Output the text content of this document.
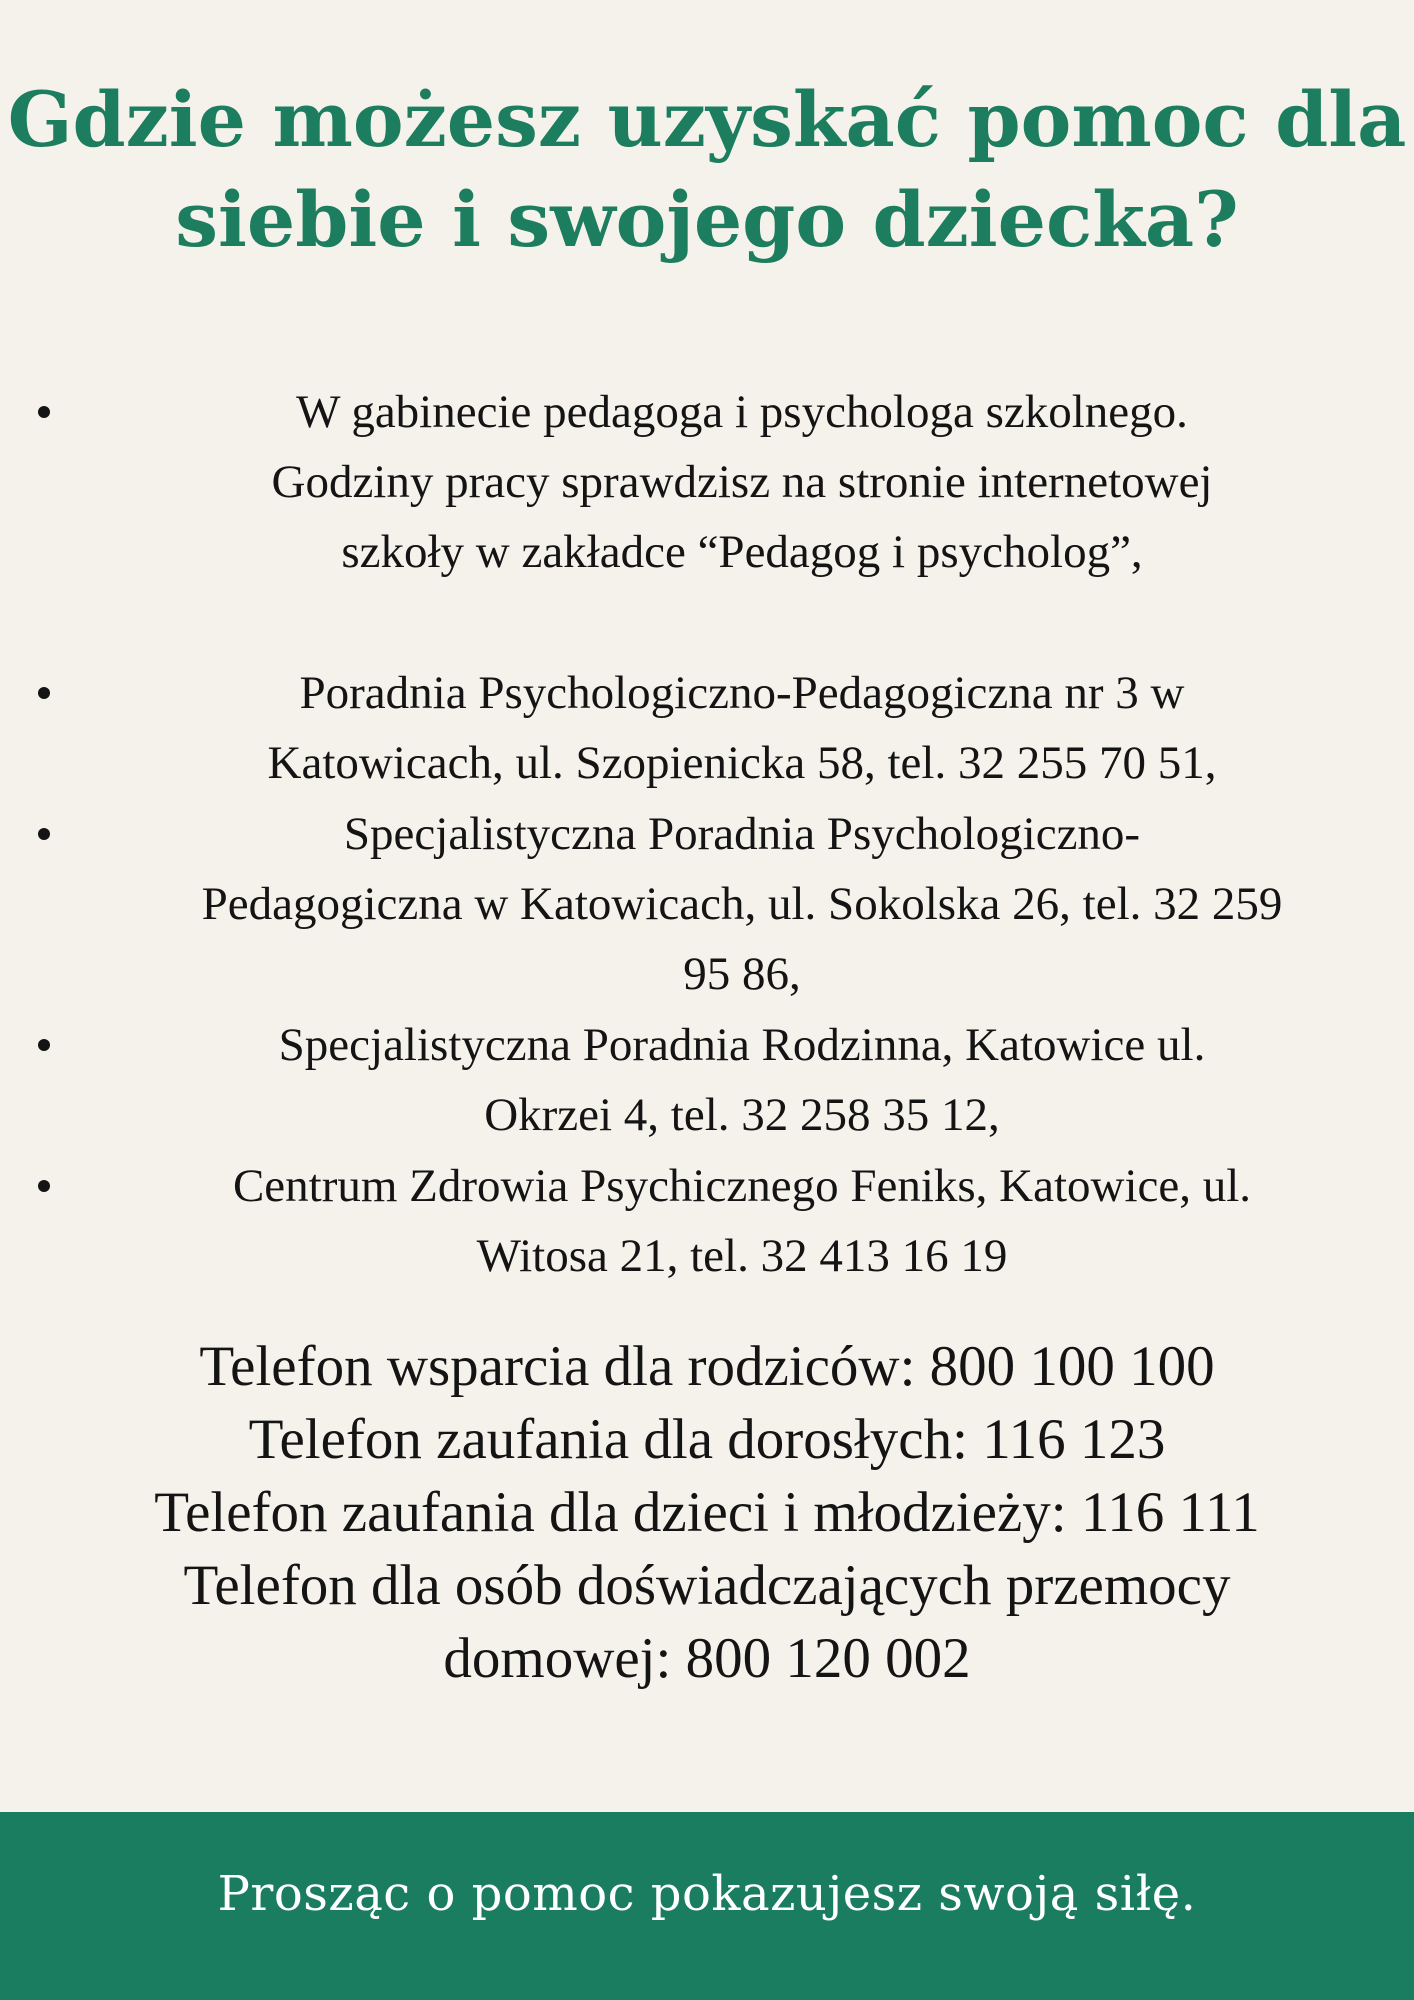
Gdzie możesz uzyskać pomoc dla
siebie i swojego dziecka?
W gabinecie pedagoga i psychologa szkolnego.
Godziny pracy sprawdzisz na stronie internetowej
szkoły w zakładce “Pedagog i psycholog”,
Poradnia Psychologiczno-Pedagogiczna nr 3 w
Katowicach, ul. Szopienicka 58, tel. 32 255 70 51,
Specjalistyczna Poradnia Psychologiczno-
Pedagogiczna w Katowicach, ul. Sokolska 26, tel. 32 259
95 86,
Specjalistyczna Poradnia Rodzinna, Katowice ul.
Okrzei 4, tel. 32 258 35 12,
Centrum Zdrowia Psychicznego Feniks, Katowice, ul.
Witosa 21, tel. 32 413 16 19
Telefon wsparcia dla rodziców: 800 100 100
Telefon zaufania dla dorosłych: 116 123
Telefon zaufania dla dzieci i młodzieży: 116 111
Telefon dla osób doświadczających przemocy
domowej: 800 120 002
Prosząc o pomoc pokazujesz swoją siłę.
